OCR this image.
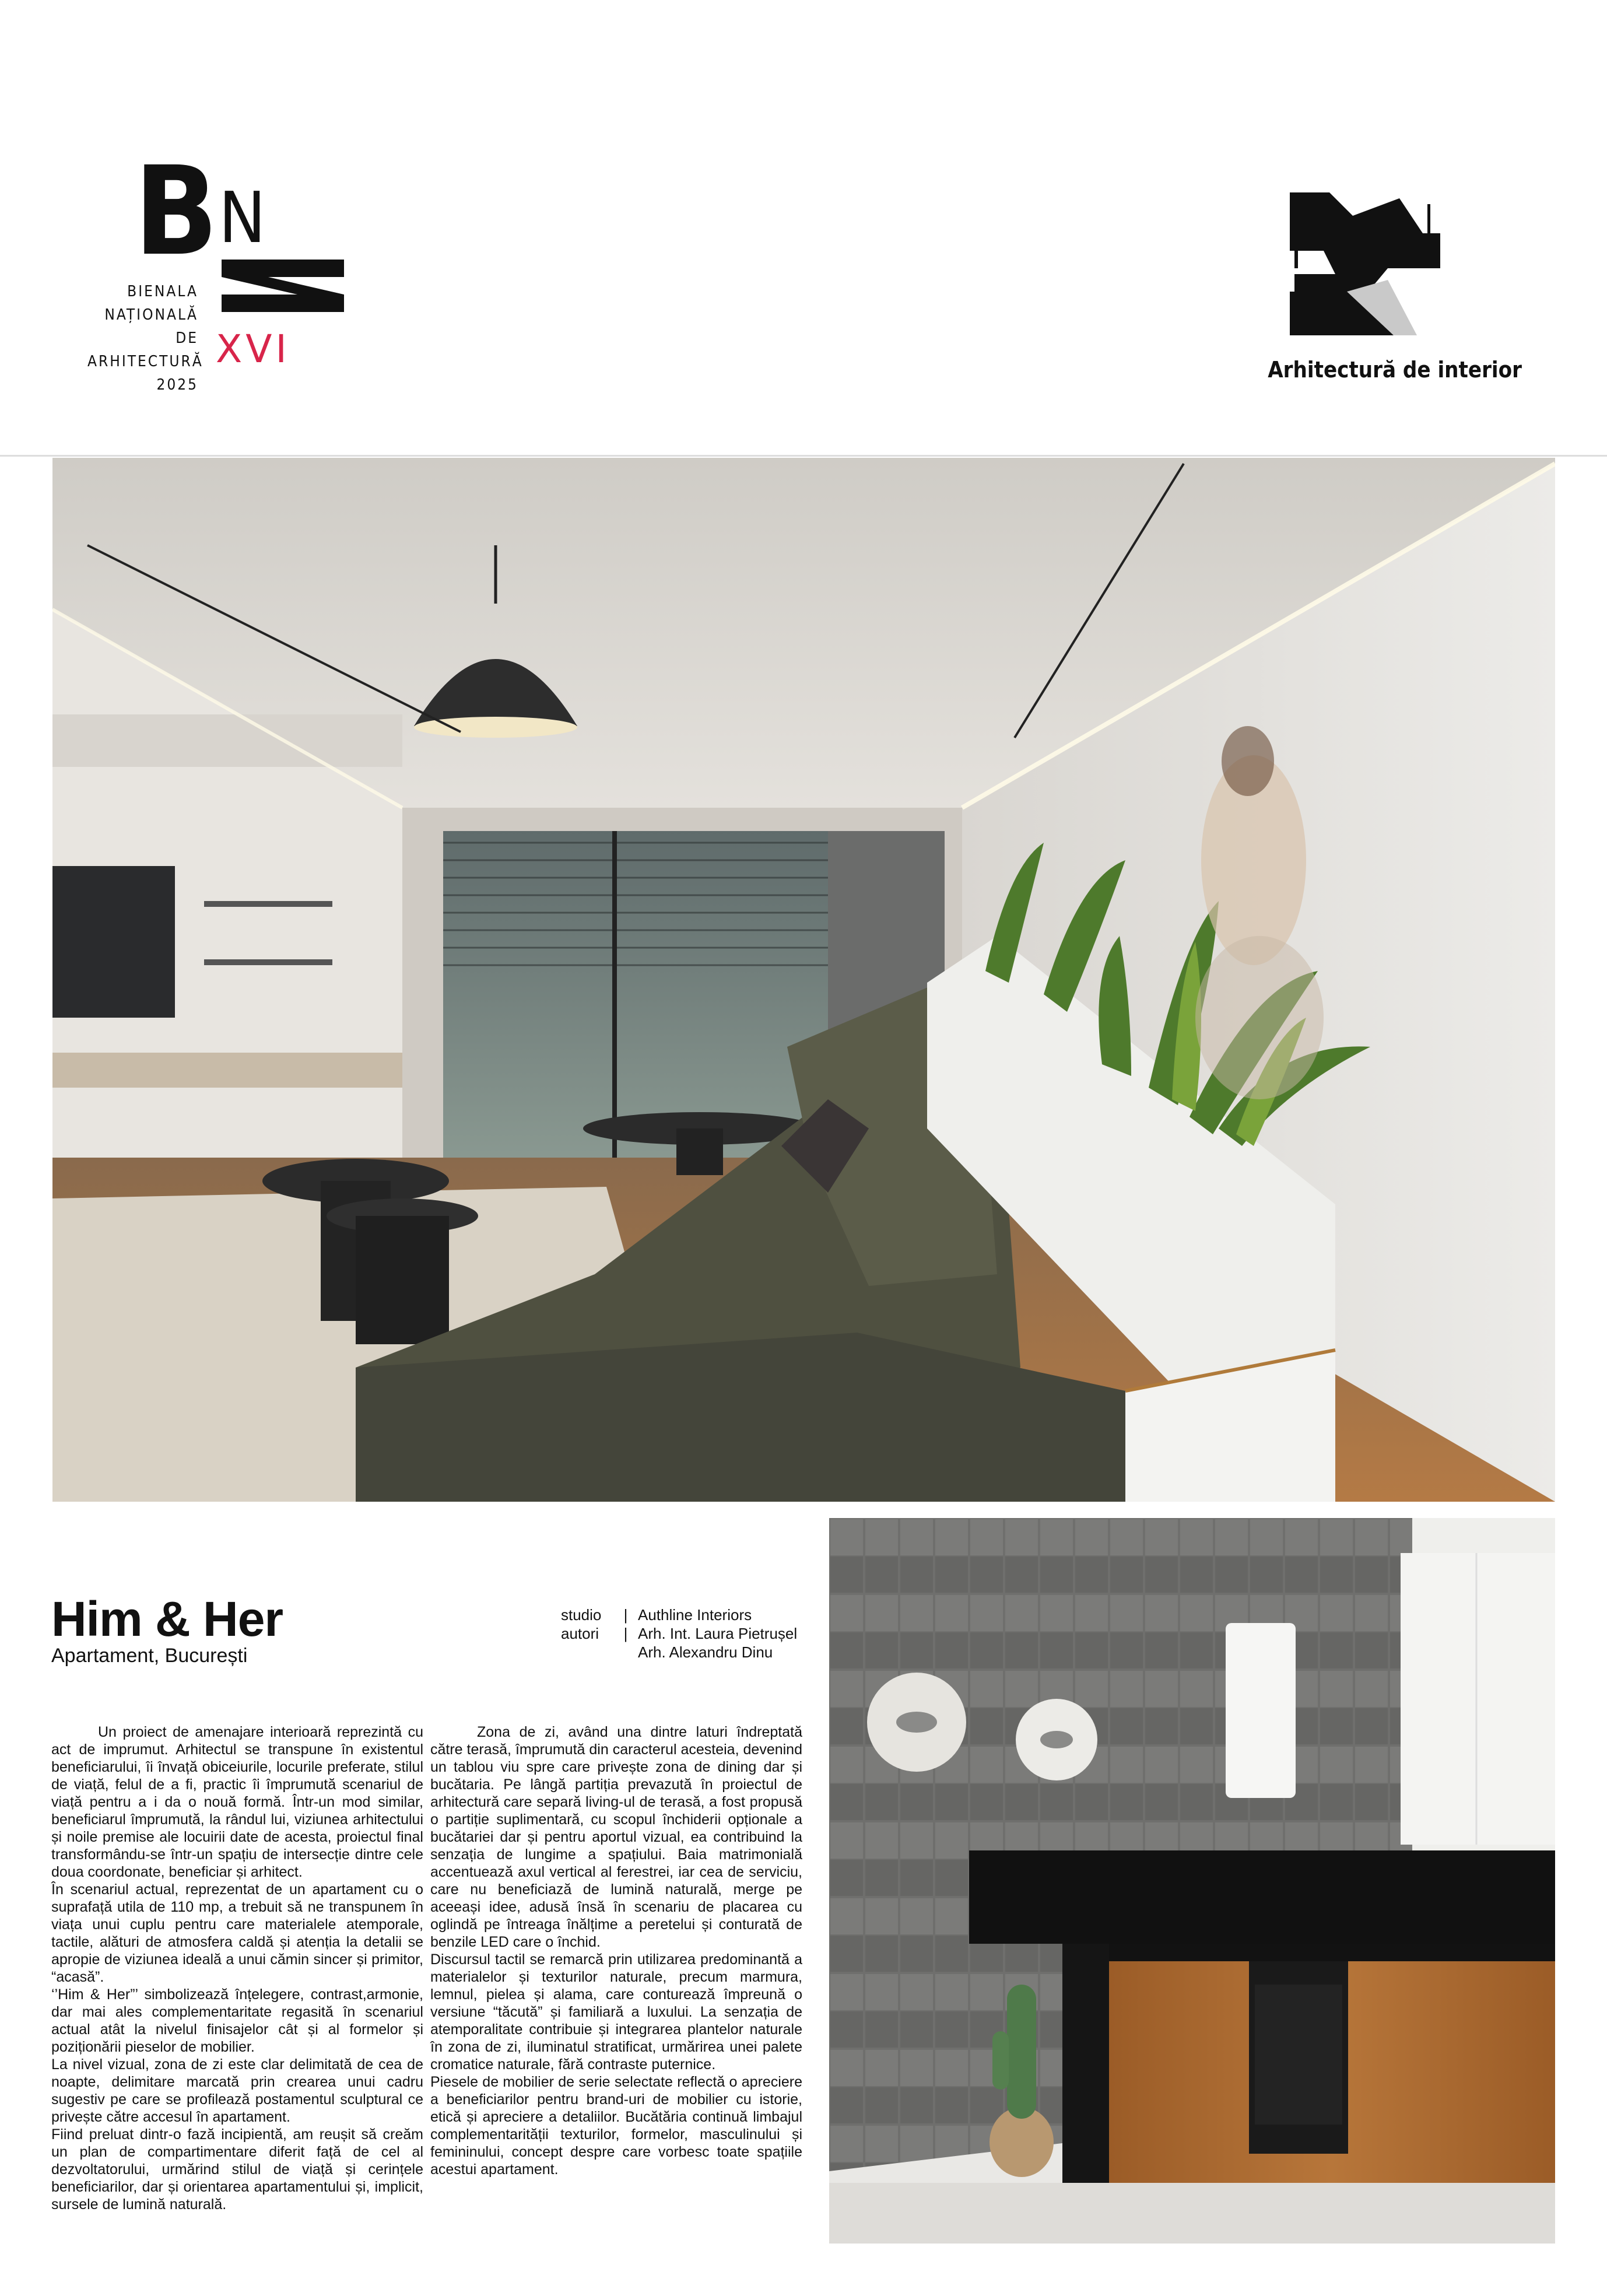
B N
BIENALA
NAȚIONALĂ
DE
ARHITECTURĂ
2025
XVI	Arhitectură de interior
Him & Her
Apartament, București
studio	| Authline Interiors
autori	| Arh. Int. Laura Pietrușel
Arh. Alexandru Dinu

Un proiect de amenajare interioară reprezintă cu act de imprumut. Arhitectul se transpune în existentul beneficiarului, îi învață obiceiurile, locurile preferate, stilul de viață, felul de a fi, practic îi împrumută scenariul de viață pentru a i da o nouă formă. Într-un mod similar, beneficiarul împrumută, la rândul lui, viziunea arhitectului și noile premise ale locuirii date de acesta, proiectul final transformându-se într-un spațiu de intersecție dintre cele doua coordonate, beneficiar și arhitect.

În scenariul actual, reprezentat de un apartament cu o suprafață utila de 110 mp, a trebuit să ne transpunem în viața unui cuplu pentru care materialele atemporale, tactile, alături de atmosfera caldă și atenția la detalii se apropie de viziunea ideală a unui cămin sincer și primitor, “acasă”.

‘’Him & Her”’ simbolizează înțelegere, contrast,armonie, dar mai ales complementaritate regasită în scenariul actual atât la nivelul finisajelor cât și al formelor și poziționării pieselor de mobilier.

La nivel vizual, zona de zi este clar delimitată de cea de noapte, delimitare marcată prin crearea unui cadru sugestiv pe care se profilează postamentul sculptural ce privește către accesul în apartament.

Fiind preluat dintr-o fază incipientă, am reușit să creăm un plan de compartimentare diferit față de cel al dezvoltatorului, urmărind stilul de viață și cerințele beneficiarilor, dar și orientarea apartamentului și, implicit, sursele de lumină naturală.

Zona de zi, având una dintre laturi îndreptată către terasă, împrumută din caracterul acesteia, devenind un tablou viu spre care privește zona de dining dar și bucătaria. Pe lângă partiția prevazută în proiectul de arhitectură care separă living-ul de terasă, a fost propusă o partiție suplimentară, cu scopul închiderii opționale a bucătariei dar și pentru aportul vizual, ea contribuind la senzația de lungime a spațiului. Baia matrimonială accentuează axul vertical al ferestrei, iar cea de serviciu, care nu beneficiază de lumină naturală, merge pe aceeași idee, adusă însă în scenariu de placarea cu oglindă pe întreaga înălțime a peretelui și conturată de benzile LED care o închid.

Discursul tactil se remarcă prin utilizarea predominantă a materialelor și texturilor naturale, precum marmura, lemnul, pielea și alama, care conturează împreună o versiune “tăcută” și familiară a luxului. La senzația de atemporalitate contribuie și integrarea plantelor naturale în zona de zi, iluminatul stratificat, urmărirea unei palete cromatice naturale, fără contraste puternice.

Piesele de mobilier de serie selectate reflectă o apreciere a beneficiarilor pentru brand-uri de mobilier cu istorie, etică și apreciere a detaliilor. Bucătăria continuă limbajul complementarității texturilor, formelor, masculinului și femininului, concept despre care vorbesc toate spațiile acestui apartament.
